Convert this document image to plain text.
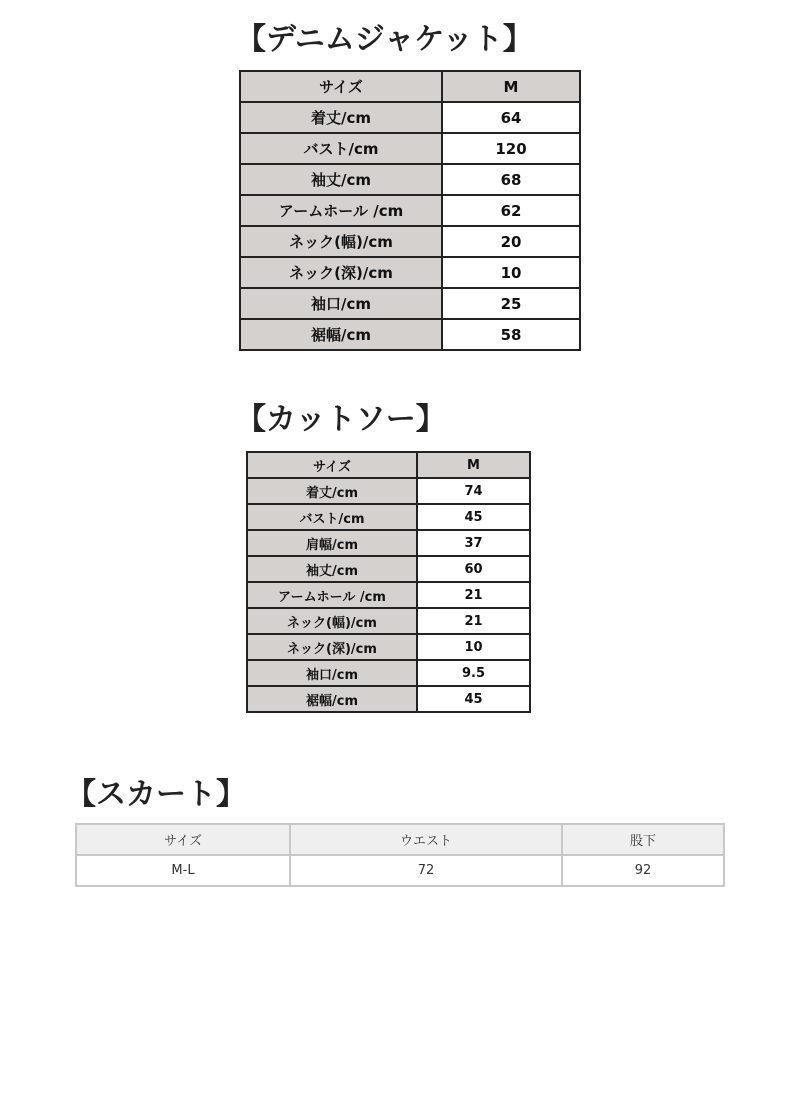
【デニムジャケット】
サイズ	M
着丈/cm	64
バスト/cm	120
袖丈/cm	68
アームホール /cm	62
ネック(幅)/cm	20
ネック(深)/cm	10
袖口/cm	25
裾幅/cm	58
【カットソー】
サイズ	M
着丈/cm	74
バスト/cm	45
肩幅/cm	37
袖丈/cm	60
アームホール /cm	21
ネック(幅)/cm	21
ネック(深)/cm	10
袖口/cm	9.5
裾幅/cm	45
【スカート】
サイズ	ウエスト	股下
M-L	72	92
